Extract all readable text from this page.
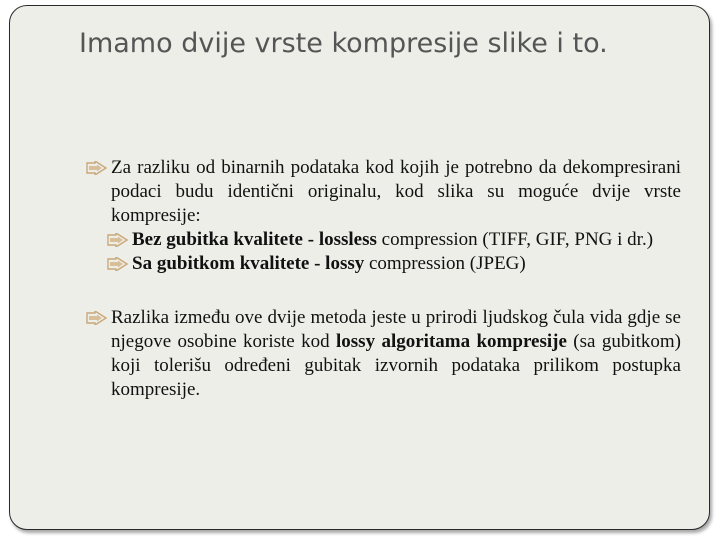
Imamo dvije vrste kompresije slike i to.
Za razliku od binarnih podataka kod kojih je potrebno da dekompresirani podaci budu identični originalu, kod slika su moguće dvije vrste kompresije:
Bez gubitka kvalitete - lossless compression (TIFF, GIF, PNG i dr.)
Sa gubitkom kvalitete - lossy compression (JPEG)
Razlika između ove dvije metoda jeste u prirodi ljudskog čula vida gdje se njegove osobine koriste kod lossy algoritama kompresije (sa gubitkom) koji tolerišu određeni gubitak izvornih podataka prilikom postupka kompresije.
